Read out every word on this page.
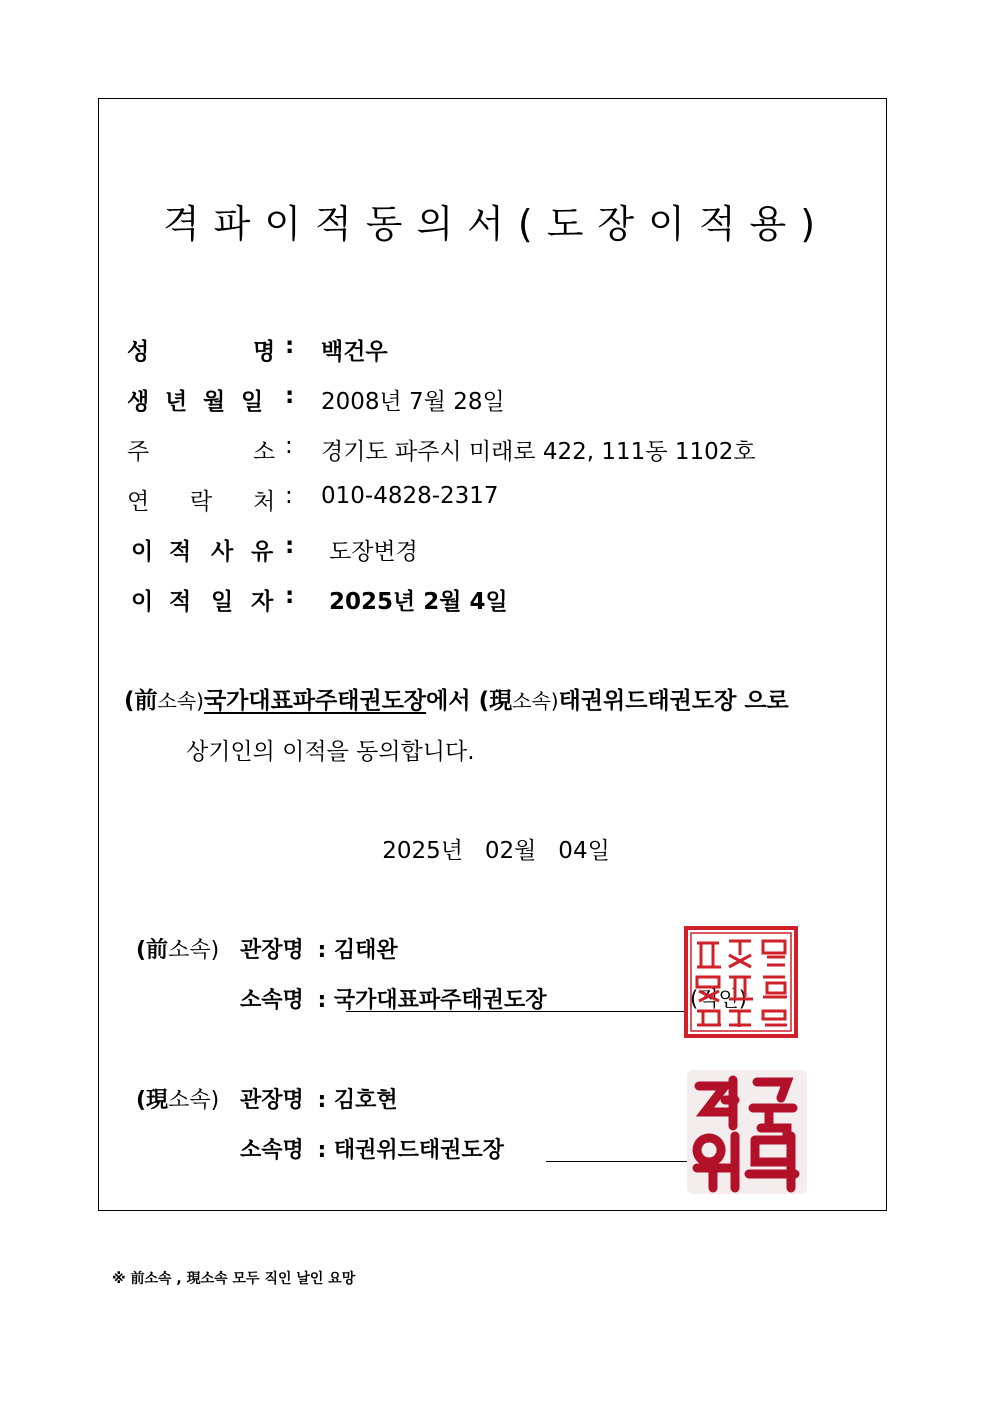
격파이적동의서(도장이적용)
성	명 : 백건우
생 년 월 일 : 2008년 7월 28일
주	소 : 경기도 파주시 미래로 422, 111동 1102호
연 락 처 : 010-4828-2317
이 적 사 유 : 도장변경
이 적 일 자 : 2025년 2월 4일
(前소속)국가대표파주태권도장에서 (現소속)태권위드태권도장 으로
상기인의 이적을 동의합니다.
2025년   02월   04일
(前소속) 관장명 : 김태완
소속명 : 국가대표파주태권도장	(직인)
(現소속) 관장명 : 김호현
소속명 : 태권위드태권도장
※ 前소속 , 現소속 모두 직인 날인 요망
